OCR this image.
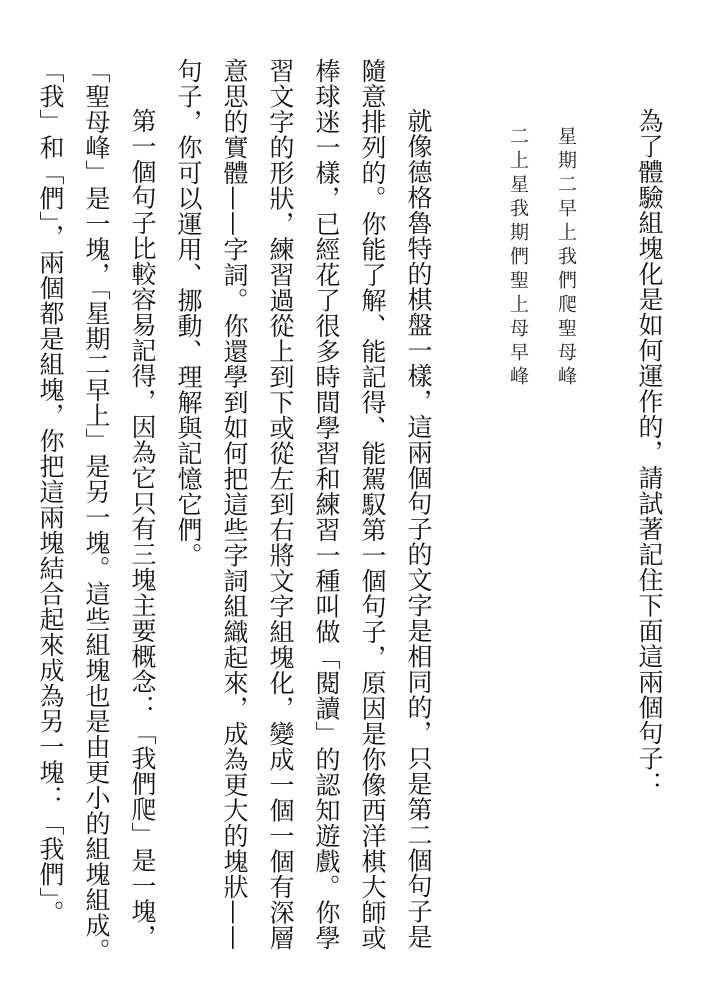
為了體驗組塊化是如何運作的，請試著記住下面這兩個句子：
星期二早上我們爬聖母峰
二上星我期們聖上母早峰
就像德格魯特的棋盤一樣，這兩個句子的文字是相同的，只是第二個句子是
隨意排列的。你能了解、能記得、能駕馭第一個句子，原因是你像西洋棋大師或
棒球迷一樣，已經花了很多時間學習和練習一種叫做「閱讀」的認知遊戲。你學
習文字的形狀，練習過從上到下或從左到右將文字組塊化，變成一個一個有深層
意思的實體——字詞。你還學到如何把這些字詞組織起來，成為更大的塊狀——
句子，你可以運用、挪動、理解與記憶它們。
第一個句子比較容易記得，因為它只有三塊主要概念：「我們爬」是一塊，
「聖母峰」是一塊，「星期二早上」是另一塊。這些組塊也是由更小的組塊組成。
「我」和「們」，兩個都是組塊，你把這兩塊結合起來成為另一塊：「我們」。
